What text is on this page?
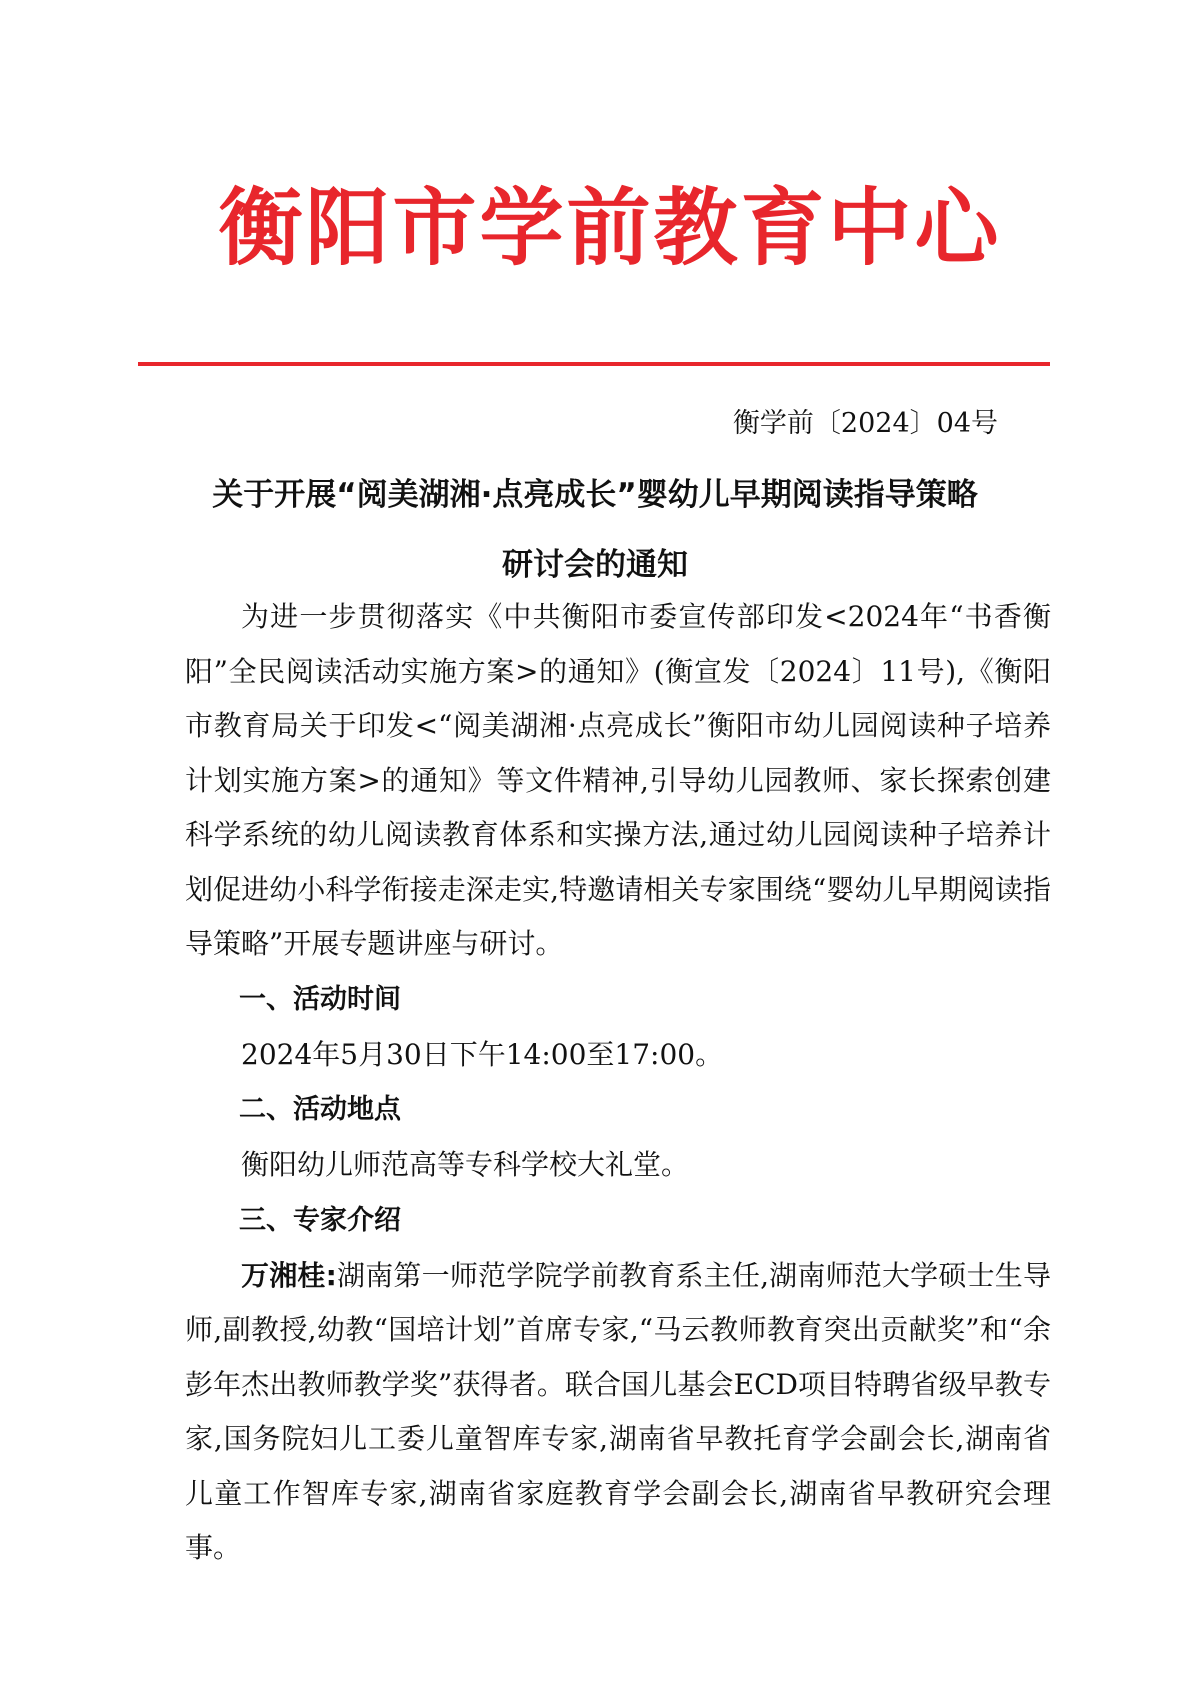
衡阳市学前教育中心
衡学前〔2024〕04号
关于开展“阅美湖湘·点亮成长”婴幼儿早期阅读指导策略
研讨会的通知

为进一步贯彻落实《中共衡阳市委宣传部印发<2024年“书香衡阳”全民阅读活动实施方案>的通知》(衡宣发〔2024〕11号),《衡阳市教育局关于印发<“阅美湖湘·点亮成长”衡阳市幼儿园阅读种子培养计划实施方案>的通知》等文件精神,引导幼儿园教师、家长探索创建科学系统的幼儿阅读教育体系和实操方法,通过幼儿园阅读种子培养计划促进幼小科学衔接走深走实,特邀请相关专家围绕“婴幼儿早期阅读指导策略”开展专题讲座与研讨。

一、活动时间

2024年5月30日下午14:00至17:00。

二、活动地点

衡阳幼儿师范高等专科学校大礼堂。

三、专家介绍

万湘桂:湖南第一师范学院学前教育系主任,湖南师范大学硕士生导师,副教授,幼教“国培计划”首席专家,“马云教师教育突出贡献奖”和“余彭年杰出教师教学奖”获得者。联合国儿基会ECD项目特聘省级早教专家,国务院妇儿工委儿童智库专家,湖南省早教托育学会副会长,湖南省儿童工作智库专家,湖南省家庭教育学会副会长,湖南省早教研究会理事。
